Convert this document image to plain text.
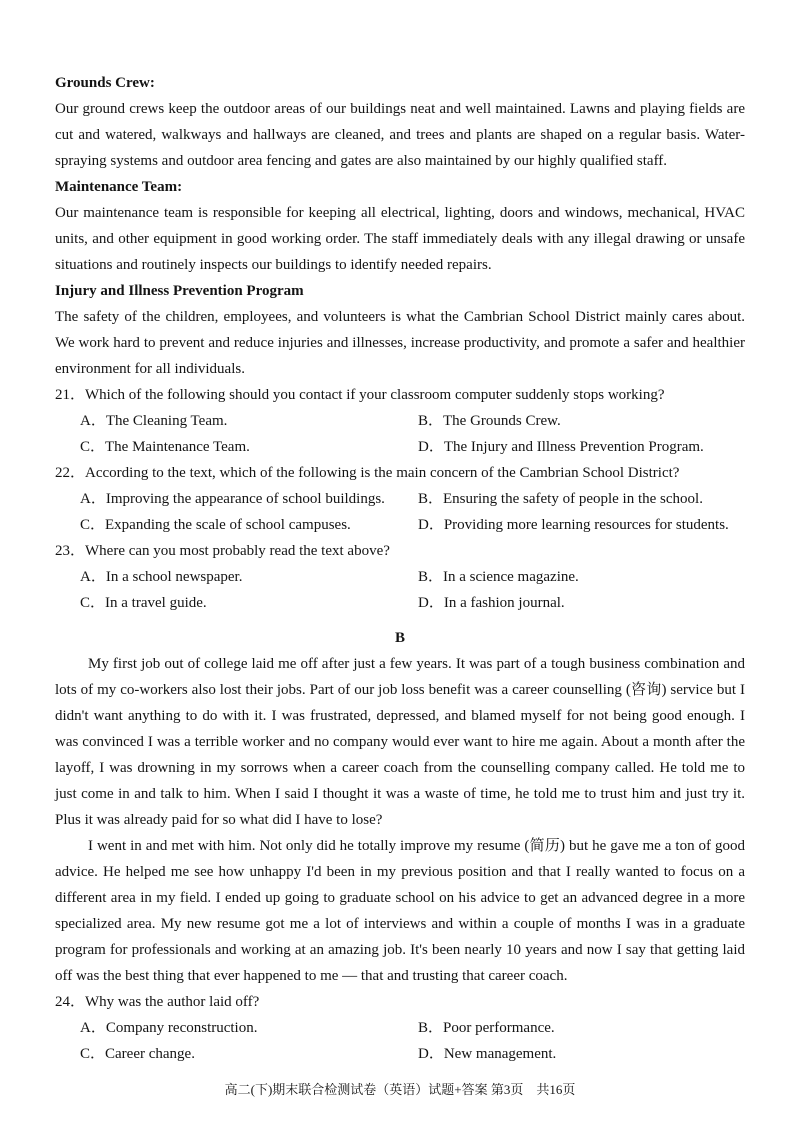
Grounds Crew:

Our ground crews keep the outdoor areas of our buildings neat and well maintained. Lawns and playing fields are cut and watered, walkways and hallways are cleaned, and trees and plants are shaped on a regular basis. Water-spraying systems and outdoor area fencing and gates are also maintained by our highly qualified staff.

Maintenance Team:

Our maintenance team is responsible for keeping all electrical, lighting, doors and windows, mechanical, HVAC units, and other equipment in good working order. The staff immediately deals with any illegal drawing or unsafe situations and routinely inspects our buildings to identify needed repairs.

Injury and Illness Prevention Program

The safety of the children, employees, and volunteers is what the Cambrian School District mainly cares about. We work hard to prevent and reduce injuries and illnesses, increase productivity, and promote a safer and healthier environment for all individuals.

21．Which of the following should you contact if your classroom computer suddenly stops working?

A．The Cleaning Team.	B．The Grounds Crew.
C．The Maintenance Team.	D．The Injury and Illness Prevention Program.

22．According to the text, which of the following is the main concern of the Cambrian School District?

A．Improving the appearance of school buildings.	B．Ensuring the safety of people in the school.
C．Expanding the scale of school campuses.	D．Providing more learning resources for students.

23．Where can you most probably read the text above?

A．In a school newspaper.	B．In a science magazine.
C．In a travel guide.	D．In a fashion journal.
B

My first job out of college laid me off after just a few years. It was part of a tough business combination and lots of my co-workers also lost their jobs. Part of our job loss benefit was a career counselling (咨询) service but I didn't want anything to do with it. I was frustrated, depressed, and blamed myself for not being good enough. I was convinced I was a terrible worker and no company would ever want to hire me again. About a month after the layoff, I was drowning in my sorrows when a career coach from the counselling company called. He told me to just come in and talk to him. When I said I thought it was a waste of time, he told me to trust him and just try it. Plus it was already paid for so what did I have to lose?

I went in and met with him. Not only did he totally improve my resume (简历) but he gave me a ton of good advice. He helped me see how unhappy I'd been in my previous position and that I really wanted to focus on a different area in my field. I ended up going to graduate school on his advice to get an advanced degree in a more specialized area. My new resume got me a lot of interviews and within a couple of months I was in a graduate program for professionals and working at an amazing job. It's been nearly 10 years and now I say that getting laid off was the best thing that ever happened to me — that and trusting that career coach.

24．Why was the author laid off?

A．Company reconstruction.	B．Poor performance.
C．Career change.	D．New management.
高二(下)期末联合检测试卷（英语）试题+答案 第3页　共16页
